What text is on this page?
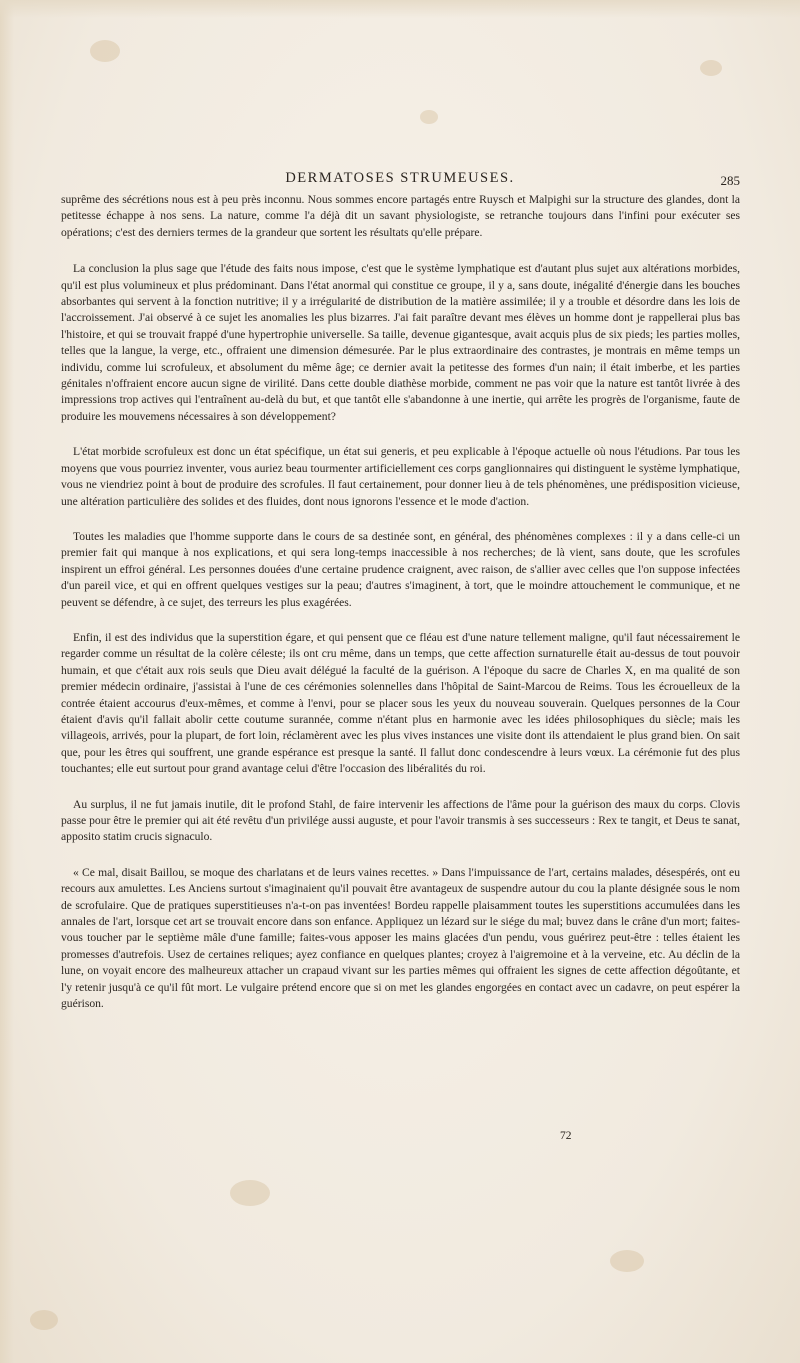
DERMATOSES STRUMEUSES.	285

suprême des sécrétions nous est à peu près inconnu. Nous sommes encore partagés entre Ruysch et Malpighi sur la structure des glandes, dont la petitesse échappe à nos sens. La nature, comme l'a déjà dit un savant physiologiste, se retranche toujours dans l'infini pour exécuter ses opérations; c'est des derniers termes de la grandeur que sortent les résultats qu'elle prépare.

La conclusion la plus sage que l'étude des faits nous impose, c'est que le système lymphatique est d'autant plus sujet aux altérations morbides, qu'il est plus volumineux et plus prédominant. Dans l'état anormal qui constitue ce groupe, il y a, sans doute, inégalité d'énergie dans les bouches absorbantes qui servent à la fonction nutritive; il y a irrégularité de distribution de la matière assimilée; il y a trouble et désordre dans les lois de l'accroissement. J'ai observé à ce sujet les anomalies les plus bizarres. J'ai fait paraître devant mes élèves un homme dont je rappellerai plus bas l'histoire, et qui se trouvait frappé d'une hypertrophie universelle. Sa taille, devenue gigantesque, avait acquis plus de six pieds; les parties molles, telles que la langue, la verge, etc., offraient une dimension démesurée. Par le plus extraordinaire des contrastes, je montrais en même temps un individu, comme lui scrofuleux, et absolument du même âge; ce dernier avait la petitesse des formes d'un nain; il était imberbe, et les parties génitales n'offraient encore aucun signe de virilité. Dans cette double diathèse morbide, comment ne pas voir que la nature est tantôt livrée à des impressions trop actives qui l'entraînent au-delà du but, et que tantôt elle s'abandonne à une inertie, qui arrête les progrès de l'organisme, faute de produire les mouvemens nécessaires à son développement?

L'état morbide scrofuleux est donc un état spécifique, un état sui generis, et peu explicable à l'époque actuelle où nous l'étudions. Par tous les moyens que vous pourriez inventer, vous auriez beau tourmenter artificiellement ces corps ganglionnaires qui distinguent le système lymphatique, vous ne viendriez point à bout de produire des scrofules. Il faut certainement, pour donner lieu à de tels phénomènes, une prédisposition vicieuse, une altération particulière des solides et des fluides, dont nous ignorons l'essence et le mode d'action.

Toutes les maladies que l'homme supporte dans le cours de sa destinée sont, en général, des phénomènes complexes : il y a dans celle-ci un premier fait qui manque à nos explications, et qui sera long-temps inaccessible à nos recherches; de là vient, sans doute, que les scrofules inspirent un effroi général. Les personnes douées d'une certaine prudence craignent, avec raison, de s'allier avec celles que l'on suppose infectées d'un pareil vice, et qui en offrent quelques vestiges sur la peau; d'autres s'imaginent, à tort, que le moindre attouchement le communique, et ne peuvent se défendre, à ce sujet, des terreurs les plus exagérées.

Enfin, il est des individus que la superstition égare, et qui pensent que ce fléau est d'une nature tellement maligne, qu'il faut nécessairement le regarder comme un résultat de la colère céleste; ils ont cru même, dans un temps, que cette affection surnaturelle était au-dessus de tout pouvoir humain, et que c'était aux rois seuls que Dieu avait délégué la faculté de la guérison. A l'époque du sacre de Charles X, en ma qualité de son premier médecin ordinaire, j'assistai à l'une de ces cérémonies solennelles dans l'hôpital de Saint-Marcou de Reims. Tous les écrouelleux de la contrée étaient accourus d'eux-mêmes, et comme à l'envi, pour se placer sous les yeux du nouveau souverain. Quelques personnes de la Cour étaient d'avis qu'il fallait abolir cette coutume surannée, comme n'étant plus en harmonie avec les idées philosophiques du siècle; mais les villageois, arrivés, pour la plupart, de fort loin, réclamèrent avec les plus vives instances une visite dont ils attendaient le plus grand bien. On sait que, pour les êtres qui souffrent, une grande espérance est presque la santé. Il fallut donc condescendre à leurs vœux. La cérémonie fut des plus touchantes; elle eut surtout pour grand avantage celui d'être l'occasion des libéralités du roi.

Au surplus, il ne fut jamais inutile, dit le profond Stahl, de faire intervenir les affections de l'âme pour la guérison des maux du corps. Clovis passe pour être le premier qui ait été revêtu d'un privilége aussi auguste, et pour l'avoir transmis à ses successeurs : Rex te tangit, et Deus te sanat, apposito statim crucis signaculo.

« Ce mal, disait Baillou, se moque des charlatans et de leurs vaines recettes. » Dans l'impuissance de l'art, certains malades, désespérés, ont eu recours aux amulettes. Les Anciens surtout s'imaginaient qu'il pouvait être avantageux de suspendre autour du cou la plante désignée sous le nom de scrofulaire. Que de pratiques superstitieuses n'a-t-on pas inventées! Bordeu rappelle plaisamment toutes les superstitions accumulées dans les annales de l'art, lorsque cet art se trouvait encore dans son enfance. Appliquez un lézard sur le siége du mal; buvez dans le crâne d'un mort; faites-vous toucher par le septième mâle d'une famille; faites-vous apposer les mains glacées d'un pendu, vous guérirez peut-être : telles étaient les promesses d'autrefois. Usez de certaines reliques; ayez confiance en quelques plantes; croyez à l'aigremoine et à la verveine, etc. Au déclin de la lune, on voyait encore des malheureux attacher un crapaud vivant sur les parties mêmes qui offraient les signes de cette affection dégoûtante, et l'y retenir jusqu'à ce qu'il fût mort. Le vulgaire prétend encore que si on met les glandes engorgées en contact avec un cadavre, on peut espérer la guérison.

72
